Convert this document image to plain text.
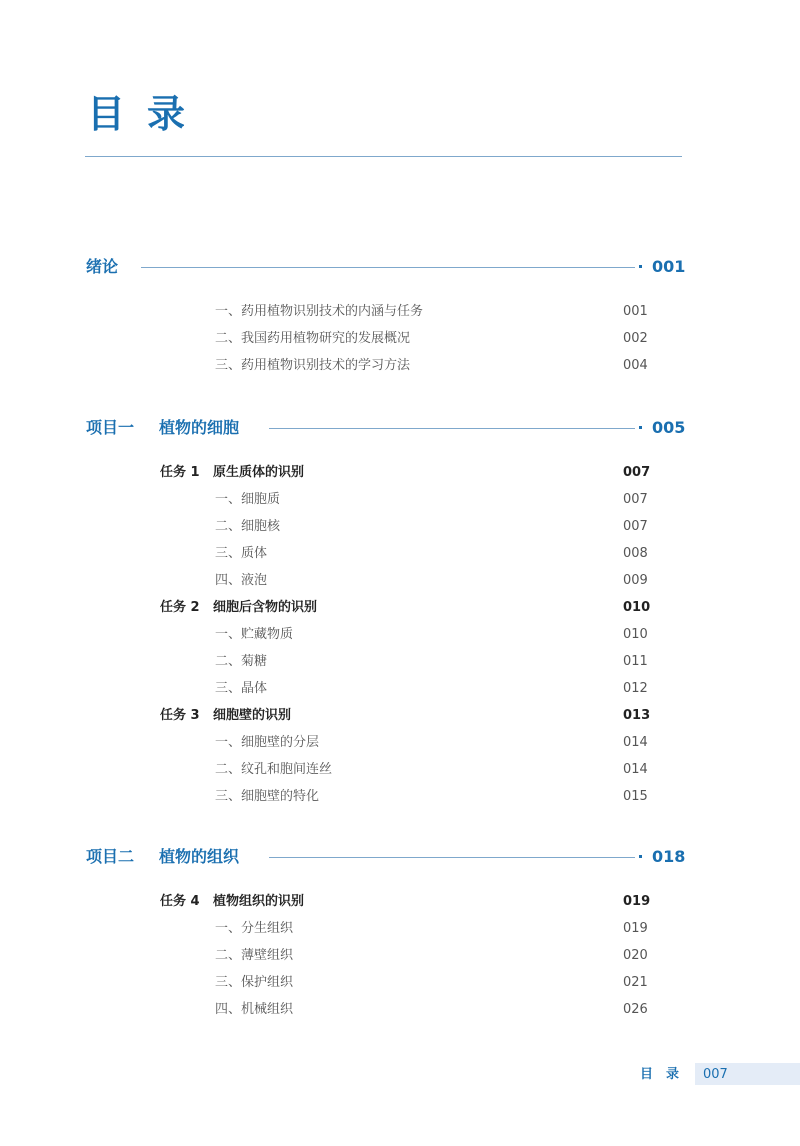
目录
绪论	001
一、药用植物识别技术的内涵与任务	001
二、我国药用植物研究的发展概况	002
三、药用植物识别技术的学习方法	004
项目一 植物的细胞	005
任务 1 原生质体的识别	007
一、细胞质	007
二、细胞核	007
三、质体	008
四、液泡	009
任务 2 细胞后含物的识别	010
一、贮藏物质	010
二、菊糖	011
三、晶体	012
任务 3 细胞壁的识别	013
一、细胞壁的分层	014
二、纹孔和胞间连丝	014
三、细胞壁的特化	015
项目二 植物的组织	018
任务 4 植物组织的识别	019
一、分生组织	019
二、薄壁组织	020
三、保护组织	021
四、机械组织	026
目录 007
